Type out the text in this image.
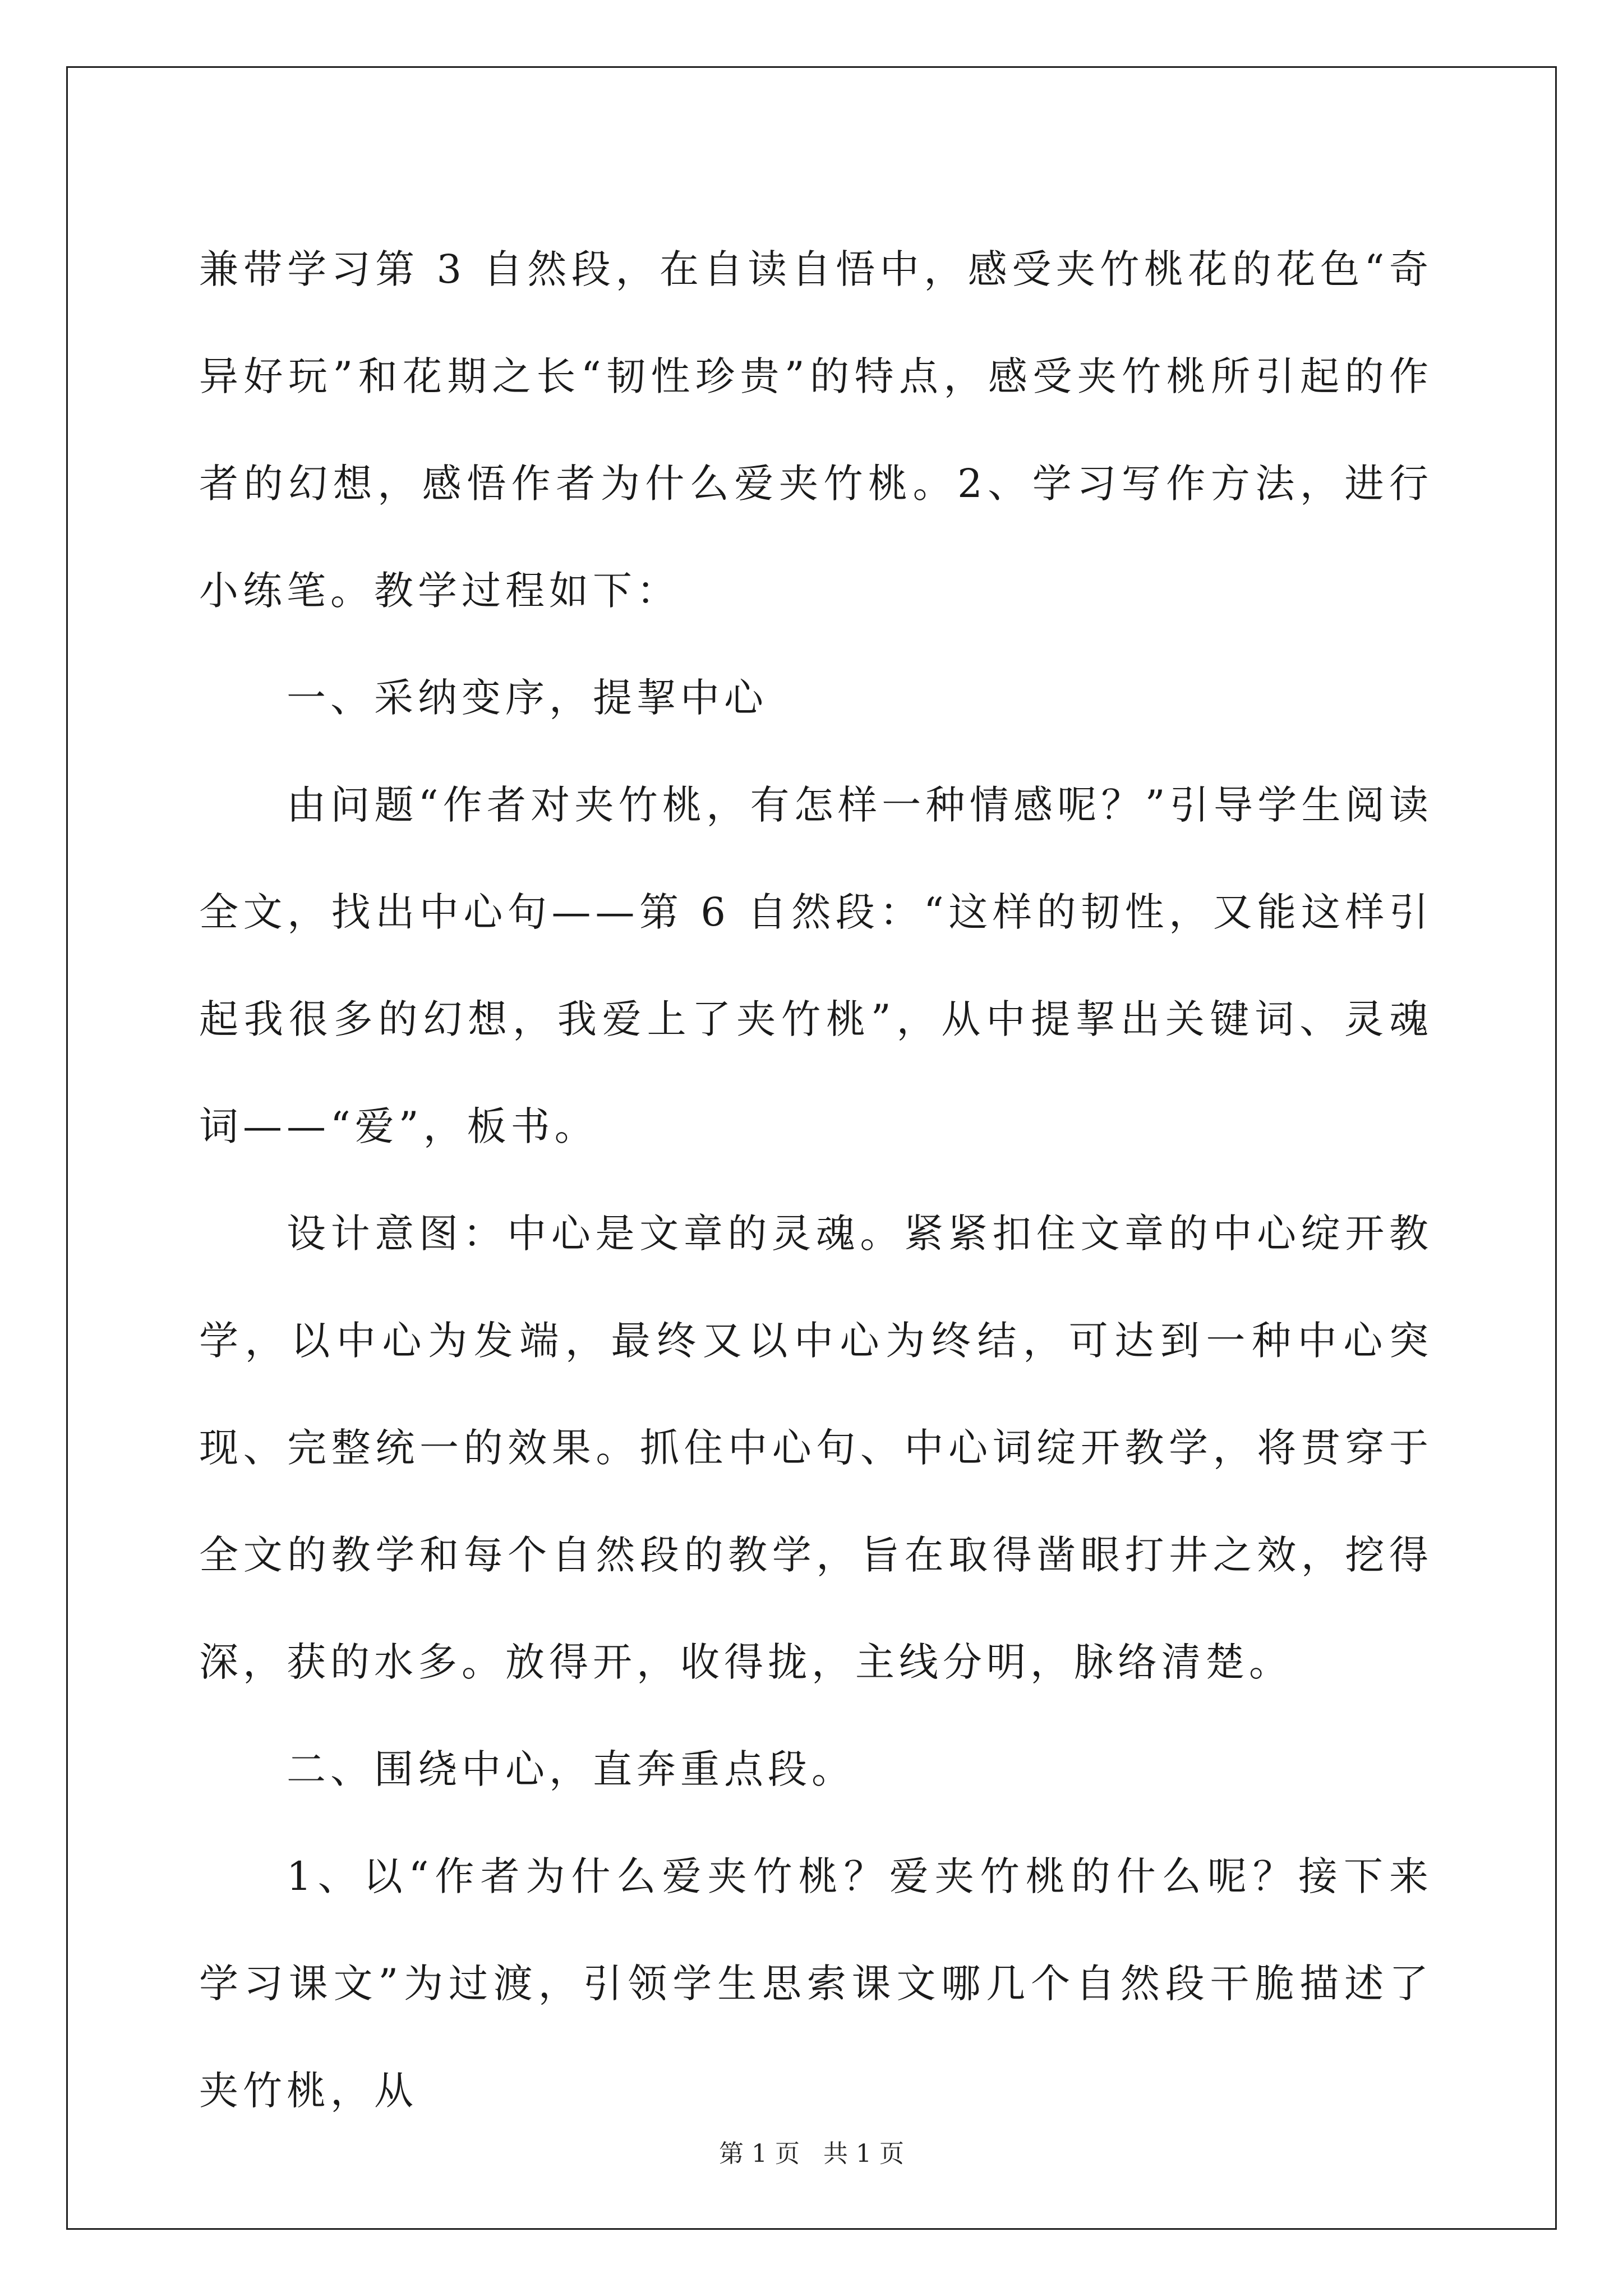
兼带学习第 3 自然段，在自读自悟中，感受夹竹桃花的花色“奇异好玩”和花期之长“韧性珍贵”的特点，感受夹竹桃所引起的作者的幻想，感悟作者为什么爱夹竹桃。2、学习写作方法，进行小练笔。教学过程如下：

一、采纳变序，提挈中心

由问题“作者对夹竹桃，有怎样一种情感呢？”引导学生阅读全文，找出中心句——第 6 自然段：“这样的韧性，又能这样引起我很多的幻想，我爱上了夹竹桃”，从中提挈出关键词、灵魂词——“爱”，板书。

设计意图：中心是文章的灵魂。紧紧扣住文章的中心绽开教学，以中心为发端，最终又以中心为终结，可达到一种中心突现、完整统一的效果。抓住中心句、中心词绽开教学，将贯穿于全文的教学和每个自然段的教学，旨在取得凿眼打井之效，挖得深，获的水多。放得开，收得拢，主线分明，脉络清楚。

二、围绕中心，直奔重点段。

1、以“作者为什么爱夹竹桃？爱夹竹桃的什么呢？接下来学习课文”为过渡，引领学生思索课文哪几个自然段干脆描述了夹竹桃，从

第 1 页 共 1 页
